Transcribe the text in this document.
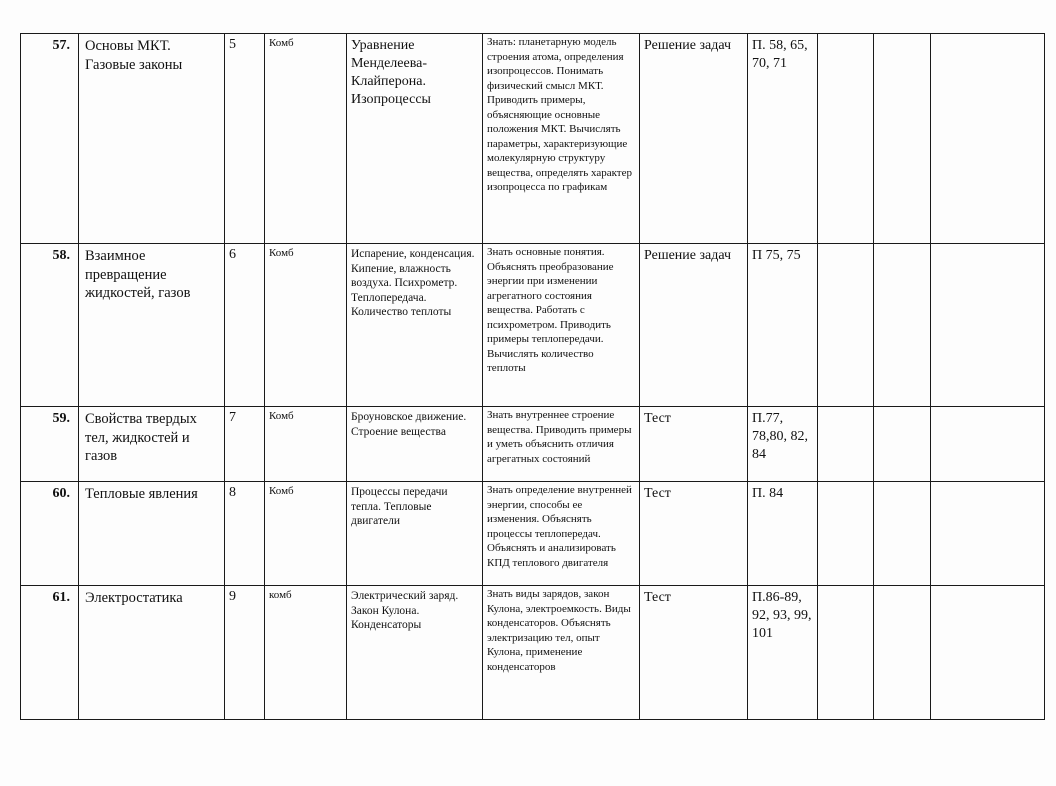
57.	Основы МКТ. Газовые законы	5	Комб	Уравнение Менделеева-Клайперона. Изопроцессы	Знать: планетарную модель строения атома, определения изопроцессов. Понимать физический смысл МКТ. Приводить примеры, объясняющие основные положения МКТ. Вычислять параметры, характеризующие молекулярную структуру вещества, определять характер изопроцесса по графикам	Решение задач	П. 58, 65, 70, 71			
58.	Взаимное превращение жидкостей, газов	6	Комб	Испарение, конденсация. Кипение, влажность воздуха. Психрометр. Теплопередача. Количество теплоты	Знать основные понятия. Объяснять преобразование энергии при изменении агрегатного состояния вещества. Работать с психрометром. Приводить примеры теплопередачи. Вычислять количество теплоты	Решение задач	П 75, 75			
59.	Свойства твердых тел, жидкостей и газов	7	Комб	Броуновское движение. Строение вещества	Знать внутреннее строение вещества. Приводить примеры и уметь объяснить отличия агрегатных состояний	Тест	П.77, 78,80, 82, 84			
60.	Тепловые явления	8	Комб	Процессы передачи тепла. Тепловые двигатели	Знать определение внутренней энергии, способы ее изменения. Объяснять процессы теплопередач. Объяснять и анализировать КПД теплового двигателя	Тест	П. 84			
61.	Электростатика	9	комб	Электрический заряд. Закон Кулона. Конденсаторы	Знать виды зарядов, закон Кулона, электроемкость. Виды конденсаторов. Объяснять электризацию тел, опыт Кулона, применение конденсаторов	Тест	П.86-89, 92, 93, 99, 101			
